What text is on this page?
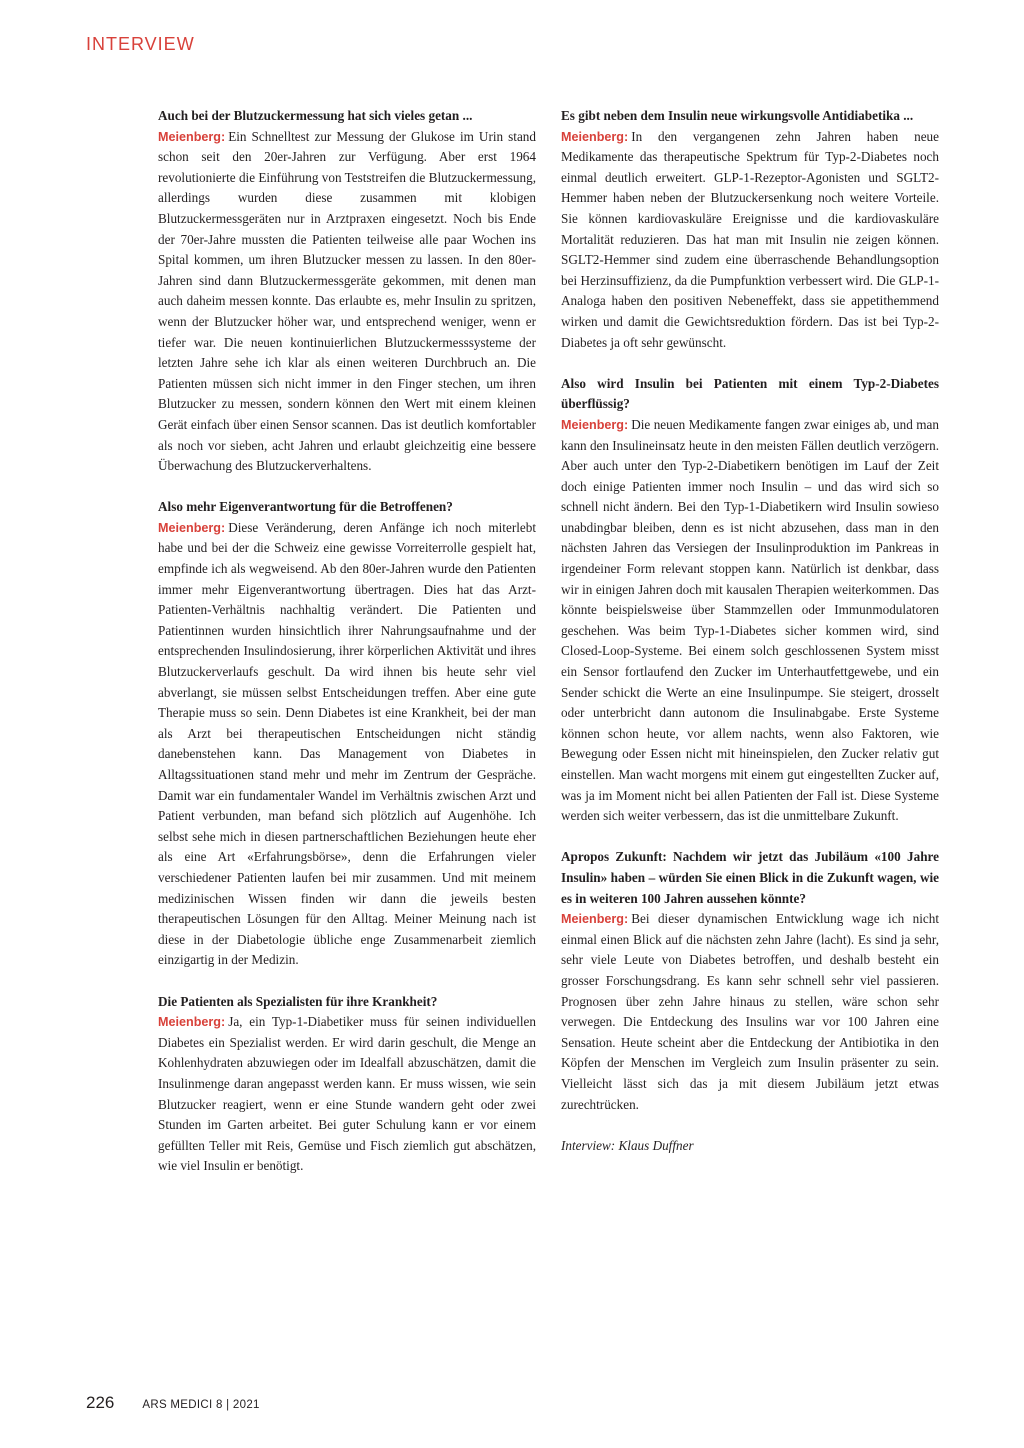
INTERVIEW

Auch bei der Blutzuckermessung hat sich vieles getan ...

Meienberg: Ein Schnelltest zur Messung der Glukose im Urin stand schon seit den 20er-Jahren zur Verfügung. Aber erst 1964 revolutionierte die Einführung von Teststreifen die Blutzuckermessung, allerdings wurden diese zusammen mit klobigen Blutzuckermessgeräten nur in Arztpraxen eingesetzt. Noch bis Ende der 70er-Jahre mussten die Patienten teilweise alle paar Wochen ins Spital kommen, um ihren Blutzucker messen zu lassen. In den 80er-Jahren sind dann Blutzuckermessgeräte gekommen, mit denen man auch daheim messen konnte. Das erlaubte es, mehr Insulin zu spritzen, wenn der Blutzucker höher war, und entsprechend weniger, wenn er tiefer war. Die neuen kontinuierlichen Blutzuckermesssysteme der letzten Jahre sehe ich klar als einen weiteren Durchbruch an. Die Patienten müssen sich nicht immer in den Finger stechen, um ihren Blutzucker zu messen, sondern können den Wert mit einem kleinen Gerät einfach über einen Sensor scannen. Das ist deutlich komfortabler als noch vor sieben, acht Jahren und erlaubt gleichzeitig eine bessere Überwachung des Blutzuckerverhaltens.

Also mehr Eigenverantwortung für die Betroffenen?

Meienberg: Diese Veränderung, deren Anfänge ich noch miterlebt habe und bei der die Schweiz eine gewisse Vorreiterrolle gespielt hat, empfinde ich als wegweisend. Ab den 80er-Jahren wurde den Patienten immer mehr Eigenverantwortung übertragen. Dies hat das Arzt-Patienten-Verhältnis nachhaltig verändert. Die Patienten und Patientinnen wurden hinsichtlich ihrer Nahrungsaufnahme und der entsprechenden Insulindosierung, ihrer körperlichen Aktivität und ihres Blutzuckerverlaufs geschult. Da wird ihnen bis heute sehr viel abverlangt, sie müssen selbst Entscheidungen treffen. Aber eine gute Therapie muss so sein. Denn Diabetes ist eine Krankheit, bei der man als Arzt bei therapeutischen Entscheidungen nicht ständig danebenstehen kann. Das Management von Diabetes in Alltagssituationen stand mehr und mehr im Zentrum der Gespräche. Damit war ein fundamentaler Wandel im Verhältnis zwischen Arzt und Patient verbunden, man befand sich plötzlich auf Augenhöhe. Ich selbst sehe mich in diesen partnerschaftlichen Beziehungen heute eher als eine Art «Erfahrungsbörse», denn die Erfahrungen vieler verschiedener Patienten laufen bei mir zusammen. Und mit meinem medizinischen Wissen finden wir dann die jeweils besten therapeutischen Lösungen für den Alltag. Meiner Meinung nach ist diese in der Diabetologie übliche enge Zusammenarbeit ziemlich einzigartig in der Medizin.

Die Patienten als Spezialisten für ihre Krankheit?

Meienberg: Ja, ein Typ-1-Diabetiker muss für seinen individuellen Diabetes ein Spezialist werden. Er wird darin geschult, die Menge an Kohlenhydraten abzuwiegen oder im Idealfall abzuschätzen, damit die Insulinmenge daran angepasst werden kann. Er muss wissen, wie sein Blutzucker reagiert, wenn er eine Stunde wandern geht oder zwei Stunden im Garten arbeitet. Bei guter Schulung kann er vor einem gefüllten Teller mit Reis, Gemüse und Fisch ziemlich gut abschätzen, wie viel Insulin er benötigt.

Es gibt neben dem Insulin neue wirkungsvolle Antidiabetika ...

Meienberg: In den vergangenen zehn Jahren haben neue Medikamente das therapeutische Spektrum für Typ-2-Diabetes noch einmal deutlich erweitert. GLP-1-Rezeptor-Agonisten und SGLT2-Hemmer haben neben der Blutzuckersenkung noch weitere Vorteile. Sie können kardiovaskuläre Ereignisse und die kardiovaskuläre Mortalität reduzieren. Das hat man mit Insulin nie zeigen können. SGLT2-Hemmer sind zudem eine überraschende Behandlungsoption bei Herzinsuffizienz, da die Pumpfunktion verbessert wird. Die GLP-1-Analoga haben den positiven Nebeneffekt, dass sie appetithemmend wirken und damit die Gewichtsreduktion fördern. Das ist bei Typ-2-Diabetes ja oft sehr gewünscht.

Also wird Insulin bei Patienten mit einem Typ-2-Diabetes überflüssig?

Meienberg: Die neuen Medikamente fangen zwar einiges ab, und man kann den Insulineinsatz heute in den meisten Fällen deutlich verzögern. Aber auch unter den Typ-2-Diabetikern benötigen im Lauf der Zeit doch einige Patienten immer noch Insulin – und das wird sich so schnell nicht ändern. Bei den Typ-1-Diabetikern wird Insulin sowieso unabdingbar bleiben, denn es ist nicht abzusehen, dass man in den nächsten Jahren das Versiegen der Insulinproduktion im Pankreas in irgendeiner Form relevant stoppen kann. Natürlich ist denkbar, dass wir in einigen Jahren doch mit kausalen Therapien weiterkommen. Das könnte beispielsweise über Stammzellen oder Immunmodulatoren geschehen. Was beim Typ-1-Diabetes sicher kommen wird, sind Closed-Loop-Systeme. Bei einem solch geschlossenen System misst ein Sensor fortlaufend den Zucker im Unterhautfettgewebe, und ein Sender schickt die Werte an eine Insulinpumpe. Sie steigert, drosselt oder unterbricht dann autonom die Insulinabgabe. Erste Systeme können schon heute, vor allem nachts, wenn also Faktoren, wie Bewegung oder Essen nicht mit hineinspielen, den Zucker relativ gut einstellen. Man wacht morgens mit einem gut eingestellten Zucker auf, was ja im Moment nicht bei allen Patienten der Fall ist. Diese Systeme werden sich weiter verbessern, das ist die unmittelbare Zukunft.

Apropos Zukunft: Nachdem wir jetzt das Jubiläum «100 Jahre Insulin» haben – würden Sie einen Blick in die Zukunft wagen, wie es in weiteren 100 Jahren aussehen könnte?

Meienberg: Bei dieser dynamischen Entwicklung wage ich nicht einmal einen Blick auf die nächsten zehn Jahre (lacht). Es sind ja sehr, sehr viele Leute von Diabetes betroffen, und deshalb besteht ein grosser Forschungsdrang. Es kann sehr schnell sehr viel passieren. Prognosen über zehn Jahre hinaus zu stellen, wäre schon sehr verwegen. Die Entdeckung des Insulins war vor 100 Jahren eine Sensation. Heute scheint aber die Entdeckung der Antibiotika in den Köpfen der Menschen im Vergleich zum Insulin präsenter zu sein. Vielleicht lässt sich das ja mit diesem Jubiläum jetzt etwas zurechtrücken.

Interview: Klaus Duffner

226 ARS MEDICI 8 | 2021
